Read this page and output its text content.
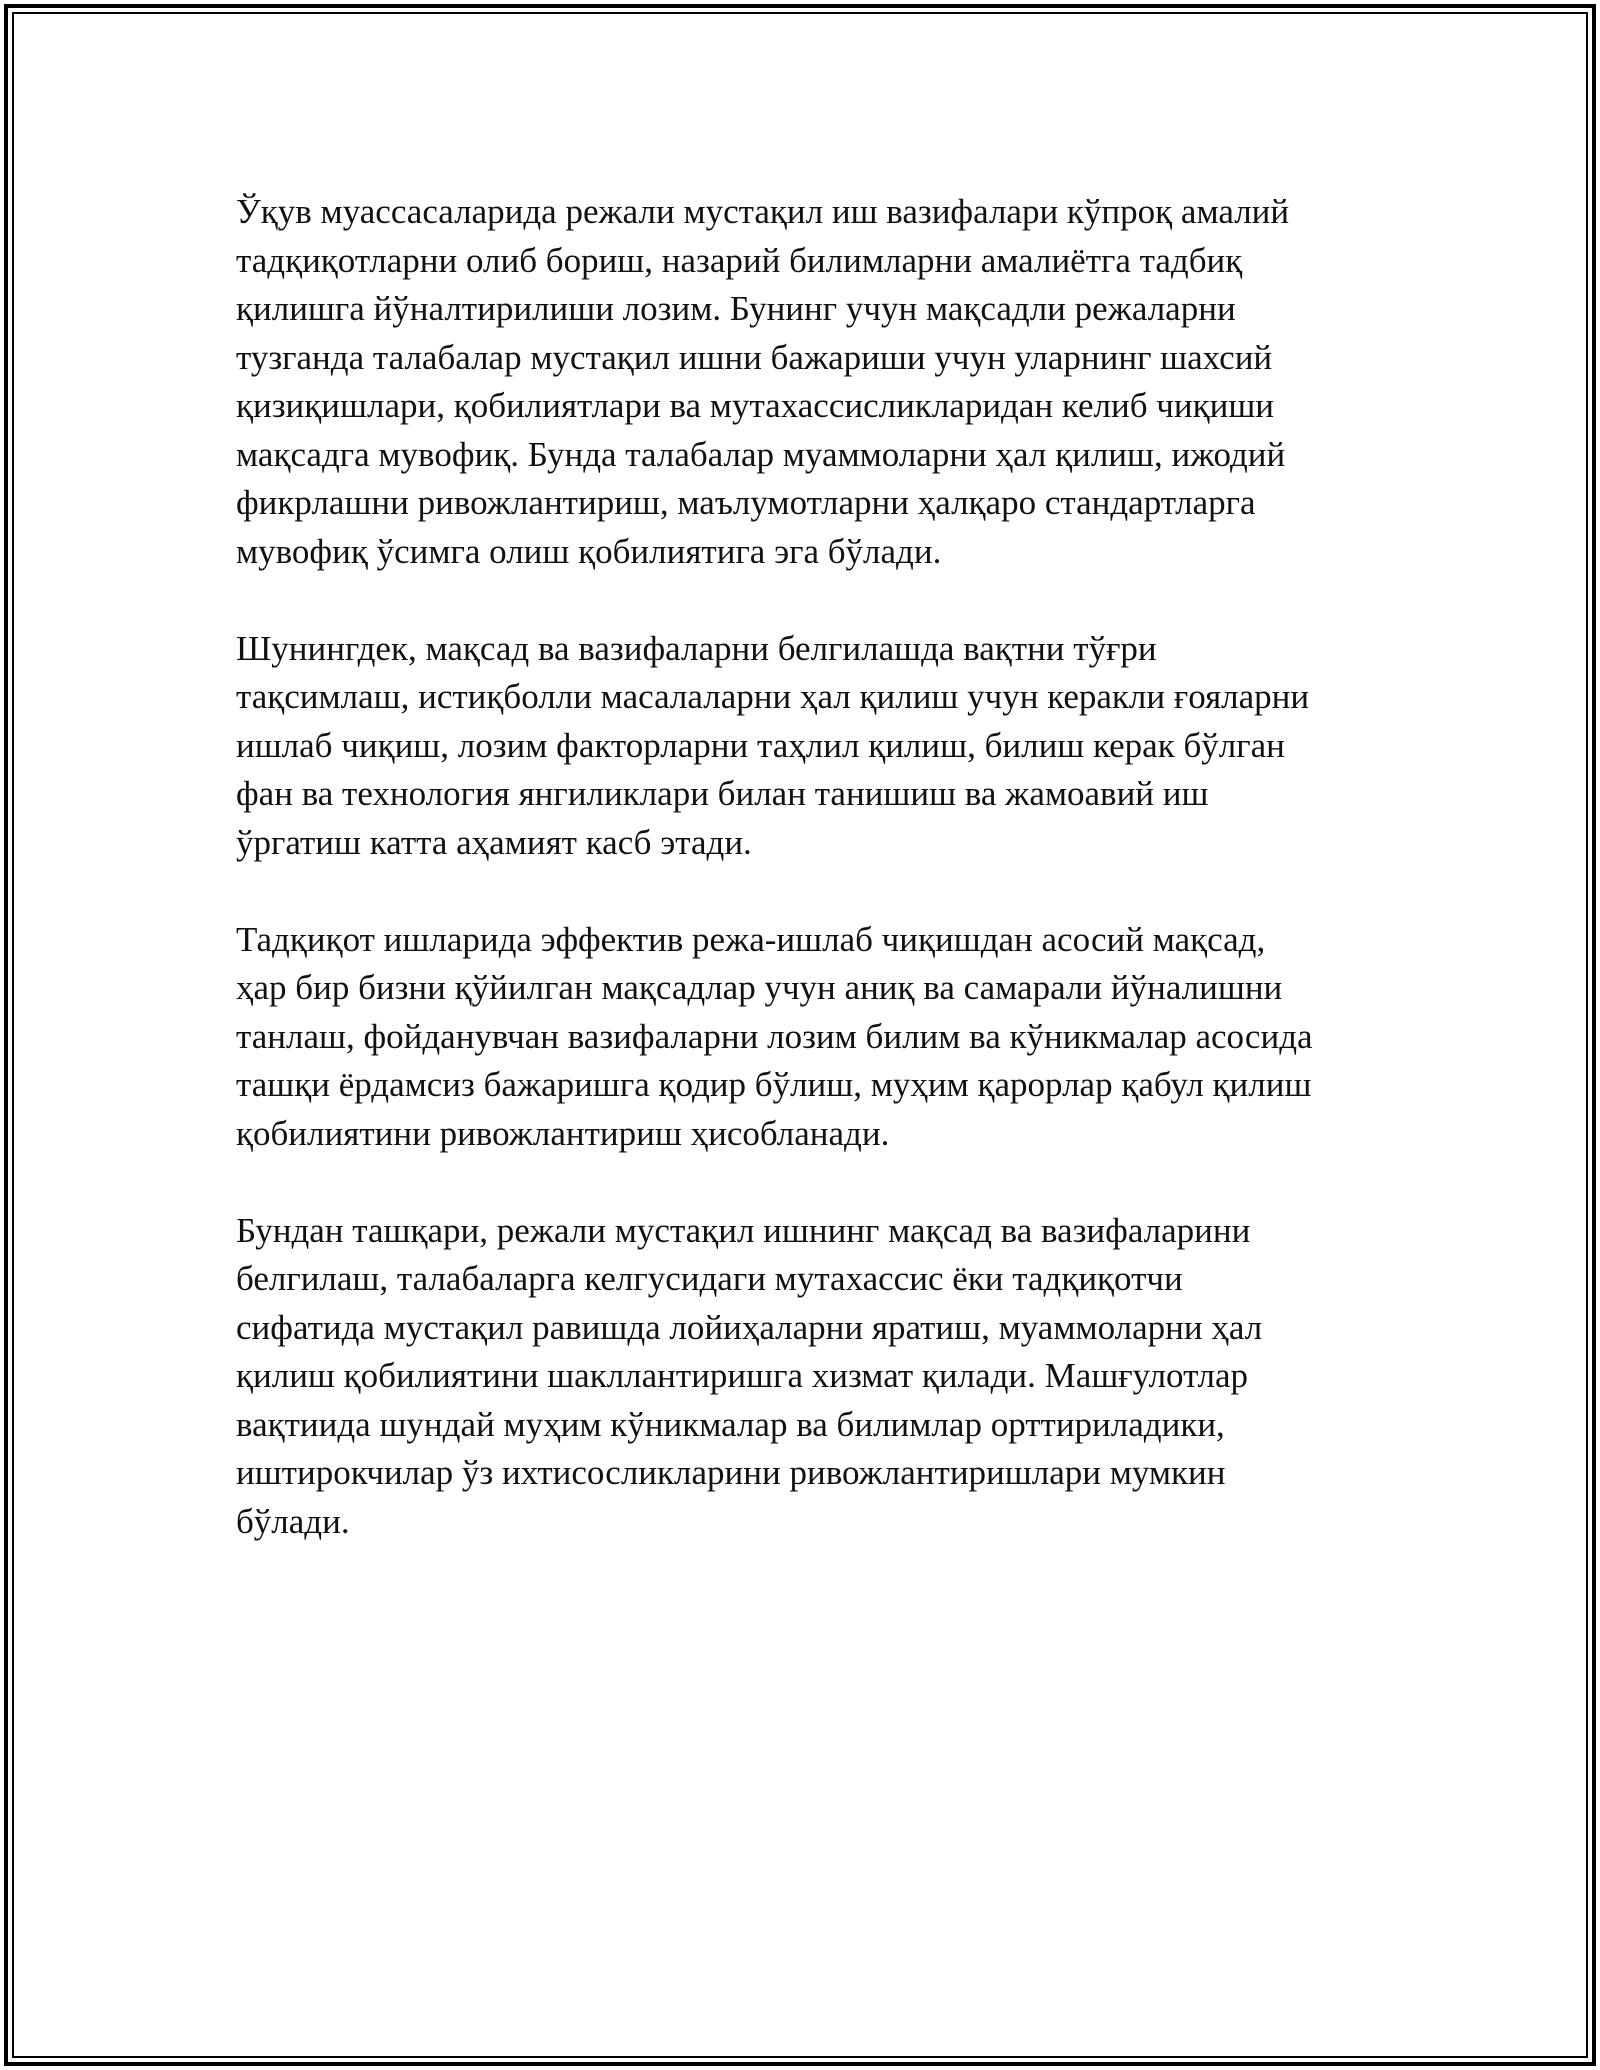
Ўқув муассасаларида режали мустақил иш вазифалари кўпроқ амалий
тадқиқотларни олиб бориш, назарий билимларни амалиётга тадбиқ
қилишга йўналтирилиши лозим. Бунинг учун мақсадли режаларни
тузганда талабалар мустақил ишни бажариши учун уларнинг шахсий
қизиқишлари, қобилиятлари ва мутахассисликларидан келиб чиқиши
мақсадга мувофиқ. Бунда талабалар муаммоларни ҳал қилиш, ижодий
фикрлашни ривожлантириш, маълумотларни ҳалқаро стандартларга
мувофиқ ўсимга олиш қобилиятига эга бўлади.

Шунингдек, мақсад ва вазифаларни белгилашда вақтни тўғри
тақсимлаш, истиқболли масалаларни ҳал қилиш учун кеpакли ғояларни
ишлаб чиқиш, лозим факторларни таҳлил қилиш, билиш керак бўлган
фан ва технология янгиликлари билан танишиш ва жамоавий иш
ўргатиш катта аҳамият касб этади.

Тадқиқот ишларида эффектив режа-ишлаб чиқишдан асосий мақсад,
ҳар бир бизни қўйилган мақсадлар учун аниқ ва самарали йўналишни
танлаш, фойданувчан вазифаларни лозим билим ва кўникмалар асосида
ташқи ёрдамсиз бажаришга қодир бўлиш, муҳим қарорлар қабул қилиш
қобилиятини ривожлантириш ҳисобланади.

Бундан ташқари, режали мустақил ишнинг мақсад ва вазифаларини
белгилаш, талабаларга келгусидаги мутахассис ёки тадқиқотчи
сифатида мустақил равишда лойиҳаларни яратиш, муаммоларни ҳал
қилиш қобилиятини шакллантиришга хизмат қилади. Машғулотлар
вақтиида шундай муҳим кўникмалар ва билимлар орттириладики,
иштирокчилар ўз ихтисосликларини ривожлантиришлари мумкин
бўлади.
